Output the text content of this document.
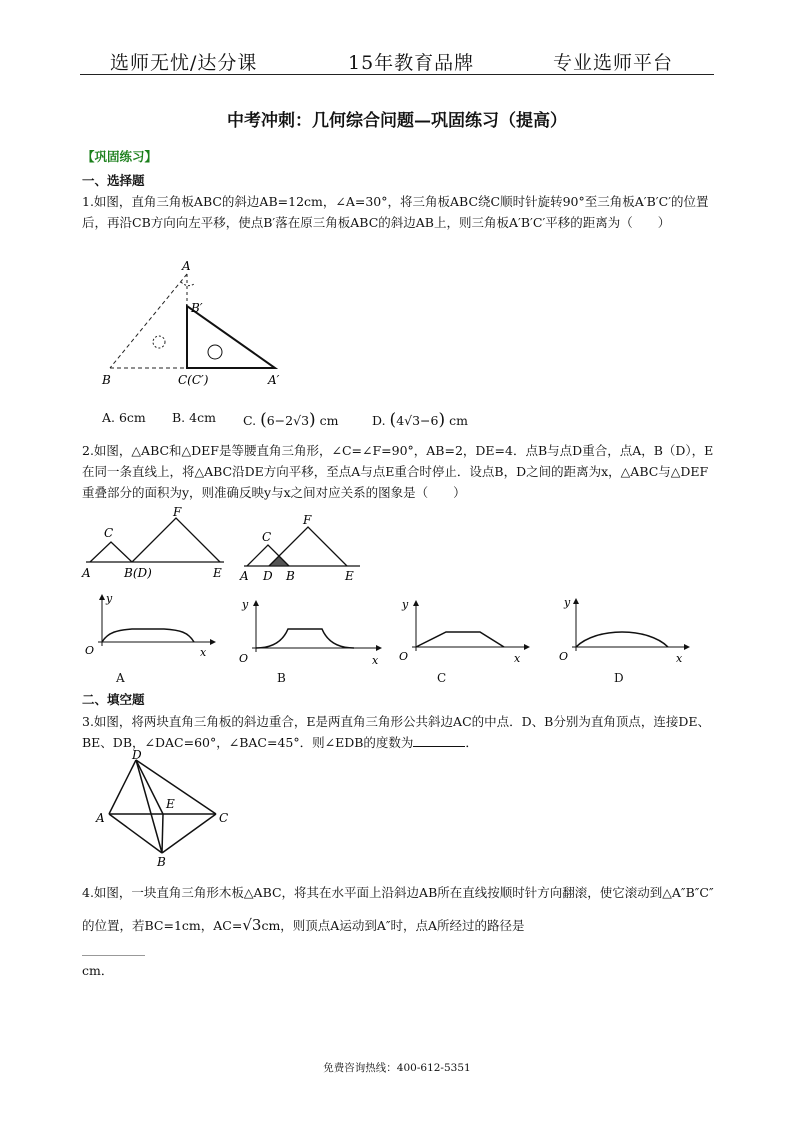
选师无忧/达分课	15年教育品牌	专业选师平台
中考冲刺：几何综合问题—巩固练习（提高）
【巩固练习】
一、选择题
1.如图，直角三角板ABC的斜边AB=12cm，∠A=30°，将三角板ABC绕C顺时针旋转90°至三角板A′B′C′的位置后，再沿CB方向向左平移，使点B′落在原三角板ABC的斜边AB上，则三角板A′B′C′平移的距离为（　　）
A
B′
B	C(C′)	A′
A. 6cm B. 4cm C. (6−2√3) cm	D. (4√3−6) cm
2.如图，△ABC和△DEF是等腰直角三角形，∠C=∠F=90°，AB=2，DE=4．点B与点D重合，点A，B（D），E在同一条直线上，将△ABC沿DE方向平移，至点A与点E重合时停止．设点B，D之间的距离为x，△ABC与△DEF重叠部分的面积为y，则准确反映y与x之间对应关系的图象是（　　）
C
F
A	B(D)	E
C
F
A D B	E
y
O	x
y
O	x
y
O	x
y
O	x
A	B	C	D
二、填空题
3.如图，将两块直角三角板的斜边重合，E是两直角三角形公共斜边AC的中点．D、B分别为直角顶点，连接DE、BE、DB，∠DAC=60°，∠BAC=45°．则∠EDB的度数为	．
D
E
A	C
B
4.如图，一块直角三角形木板△ABC，将其在水平面上沿斜边AB所在直线按顺时针方向翻滚，使它滚动到△A″B″C″的位置，若BC=1cm，AC=√3cm，则顶点A运动到A″时，点A所经过的路径是
cm．
免费咨询热线：400-612-5351
